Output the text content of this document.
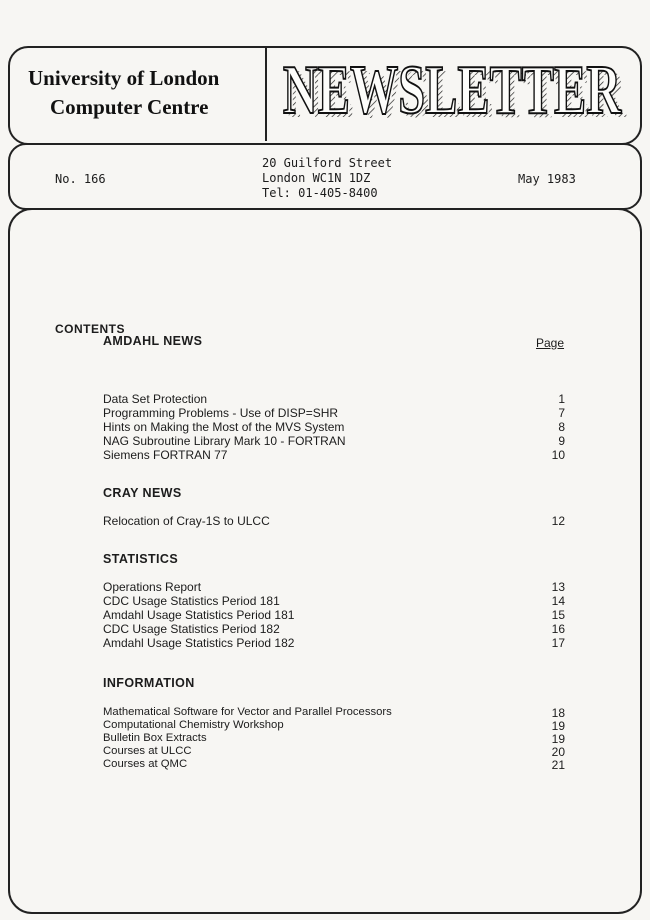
NEWSLETTER
NEWSLETTER
University of London
Computer Centre
No. 166
20 Guilford Street
London WC1N 1DZ
Tel: 01-405-8400
May 1983
CONTENTS
Page
AMDAHL NEWS
Data Set Protection	1
Programming Problems - Use of DISP=SHR	7
Hints on Making the Most of the MVS System	8
NAG Subroutine Library Mark 10 - FORTRAN	9
Siemens FORTRAN 77	10
CRAY NEWS
Relocation of Cray-1S to ULCC	12
STATISTICS
Operations Report	13
CDC Usage Statistics Period 181	14
Amdahl Usage Statistics Period 181	15
CDC Usage Statistics Period 182	16
Amdahl Usage Statistics Period 182	17
INFORMATION
Mathematical Software for Vector and Parallel Processors	18
Computational Chemistry Workshop	19
Bulletin Box Extracts	19
Courses at ULCC	20
Courses at QMC	21
